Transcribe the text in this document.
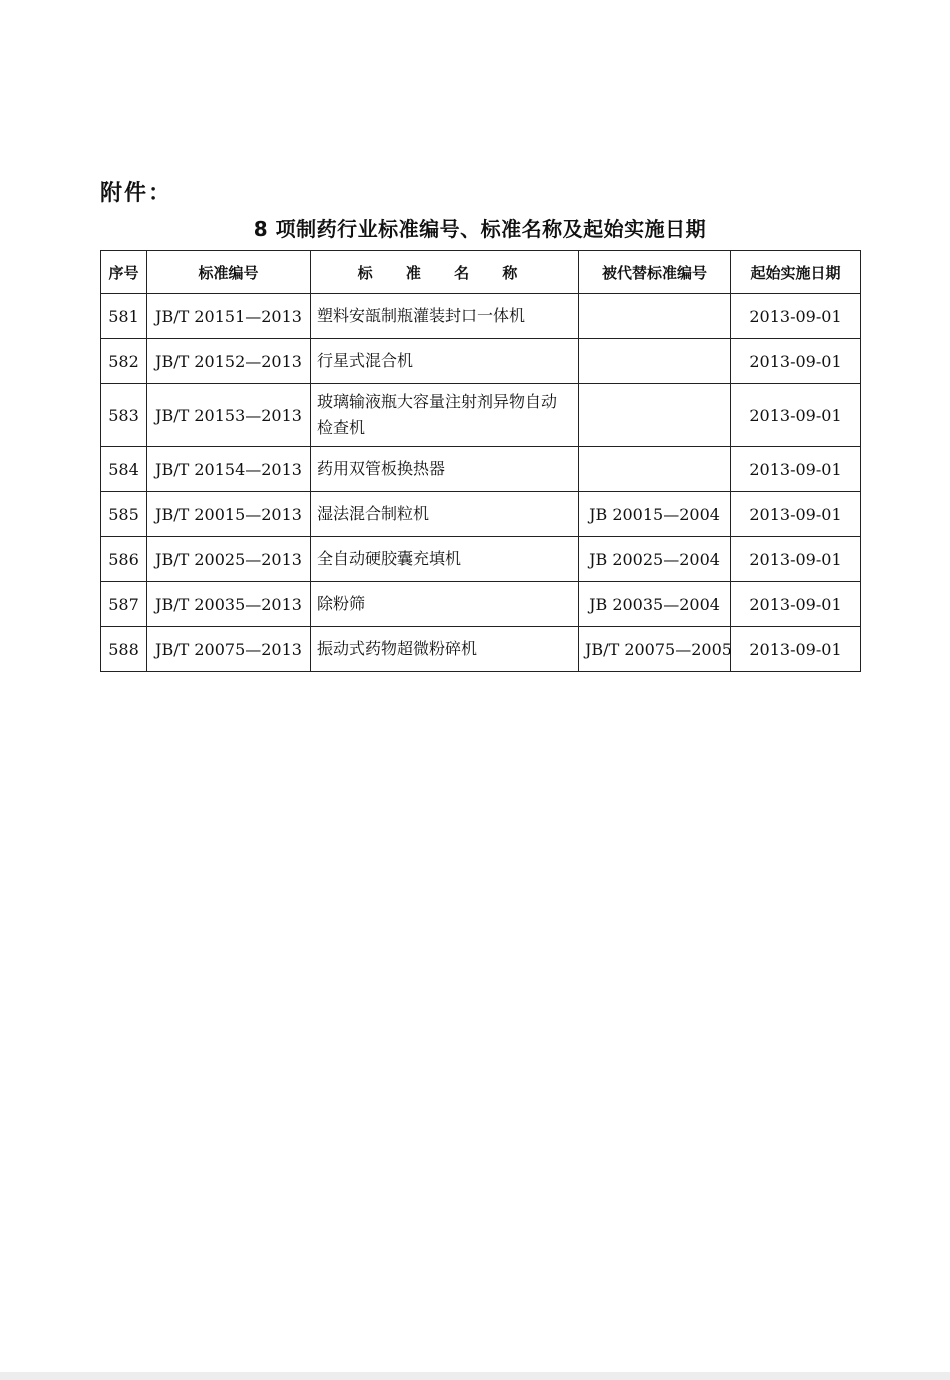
附件：
8 项制药行业标准编号、标准名称及起始实施日期
序号	标准编号	标 准 名 称	被代替标准编号	起始实施日期
581	JB/T 20151—2013	塑料安瓿制瓶灌装封口一体机		2013-09-01
582	JB/T 20152—2013	行星式混合机		2013-09-01
583	JB/T 20153—2013	玻璃输液瓶大容量注射剂异物自动检查机		2013-09-01
584	JB/T 20154—2013	药用双管板换热器		2013-09-01
585	JB/T 20015—2013	湿法混合制粒机	JB 20015—2004	2013-09-01
586	JB/T 20025—2013	全自动硬胶囊充填机	JB 20025—2004	2013-09-01
587	JB/T 20035—2013	除粉筛	JB 20035—2004	2013-09-01
588	JB/T 20075—2013	振动式药物超微粉碎机	JB/T 20075—2005	2013-09-01
